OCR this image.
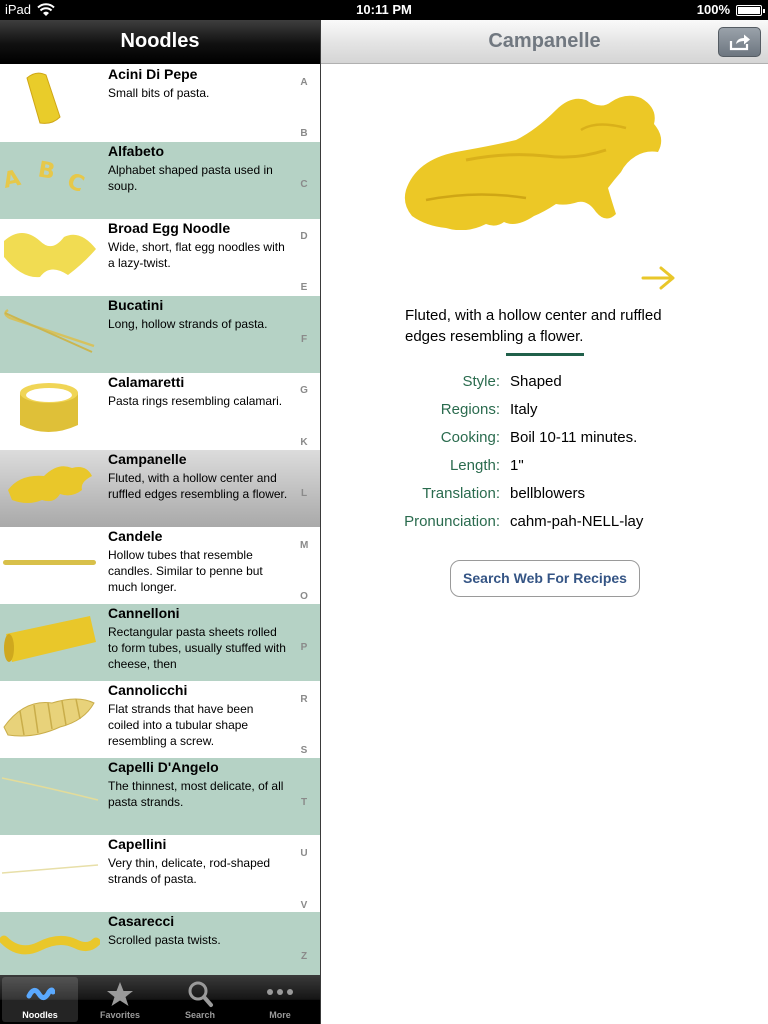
iPad	10:11 PM	100%
Noodles
Acini Di Pepe
Small bits of pasta.
A B C
Alfabeto
Alphabet shaped pasta used in soup.
Broad Egg Noodle
Wide, short, flat egg noodles with a lazy-twist.
Bucatini
Long, hollow strands of pasta.
Calamaretti
Pasta rings resembling calamari.
Campanelle
Fluted, with a hollow center and ruffled edges resembling a flower.
Candele
Hollow tubes that resemble candles. Similar to penne but much longer.
Cannelloni
Rectangular pasta sheets rolled to form tubes, usually stuffed with cheese, then
Cannolicchi
Flat strands that have been coiled into a tubular shape resembling a screw.
Capelli D'Angelo
The thinnest, most delicate, of all pasta strands.
Capellini
Very thin, delicate, rod-shaped strands of pasta.
Casarecci
Scrolled pasta twists.
A
B
C
D
E
F
G
K
L
M
O
P
R
S
T
U
V
Z
Noodles	Favorites	Search	More
Campanelle
Fluted, with a hollow center and ruffled edges resembling a flower.
Style: Shaped
Regions: Italy
Cooking: Boil 10-11 minutes.
Length: 1"
Translation: bellblowers
Pronunciation: cahm-pah-NELL-lay
Search Web For Recipes
